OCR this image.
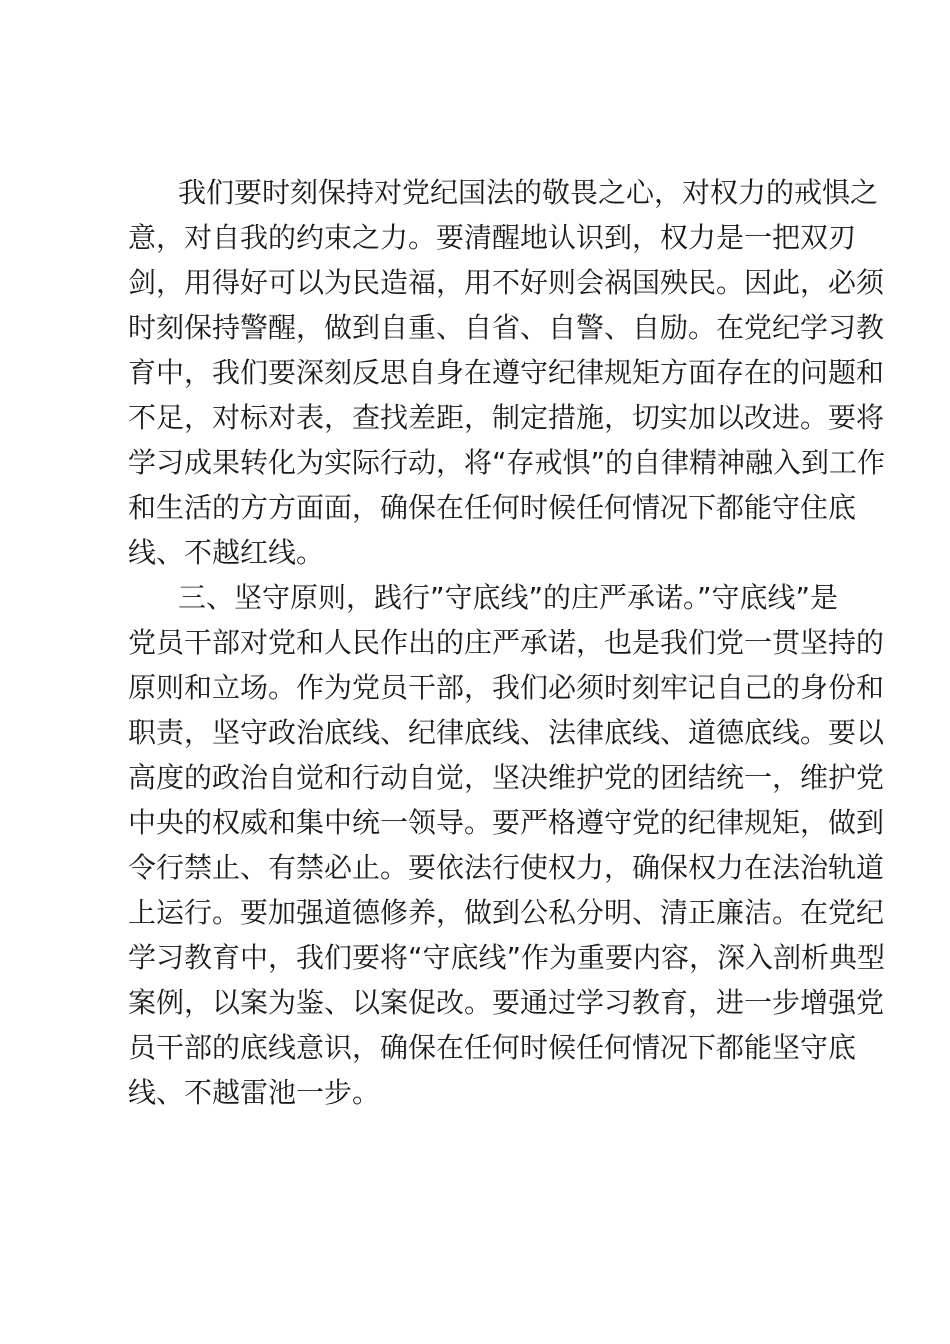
我们要时刻保持对党纪国法的敬畏之心，对权力的戒惧之
意，对自我的约束之力。要清醒地认识到，权力是一把双刃
剑，用得好可以为民造福，用不好则会祸国殃民。因此，必须
时刻保持警醒，做到自重、自省、自警、自励。在党纪学习教
育中，我们要深刻反思自身在遵守纪律规矩方面存在的问题和
不足，对标对表，查找差距，制定措施，切实加以改进。要将
学习成果转化为实际行动，将“存戒惧”的自律精神融入到工作
和生活的方方面面，确保在任何时候任何情况下都能守住底
线、不越红线。

三、坚守原则，践行”守底线”的庄严承诺。”守底线”是
党员干部对党和人民作出的庄严承诺，也是我们党一贯坚持的
原则和立场。作为党员干部，我们必须时刻牢记自己的身份和
职责，坚守政治底线、纪律底线、法律底线、道德底线。要以
高度的政治自觉和行动自觉，坚决维护党的团结统一，维护党
中央的权威和集中统一领导。要严格遵守党的纪律规矩，做到
令行禁止、有禁必止。要依法行使权力，确保权力在法治轨道
上运行。要加强道德修养，做到公私分明、清正廉洁。在党纪
学习教育中，我们要将“守底线”作为重要内容，深入剖析典型
案例，以案为鉴、以案促改。要通过学习教育，进一步增强党
员干部的底线意识，确保在任何时候任何情况下都能坚守底
线、不越雷池一步。
